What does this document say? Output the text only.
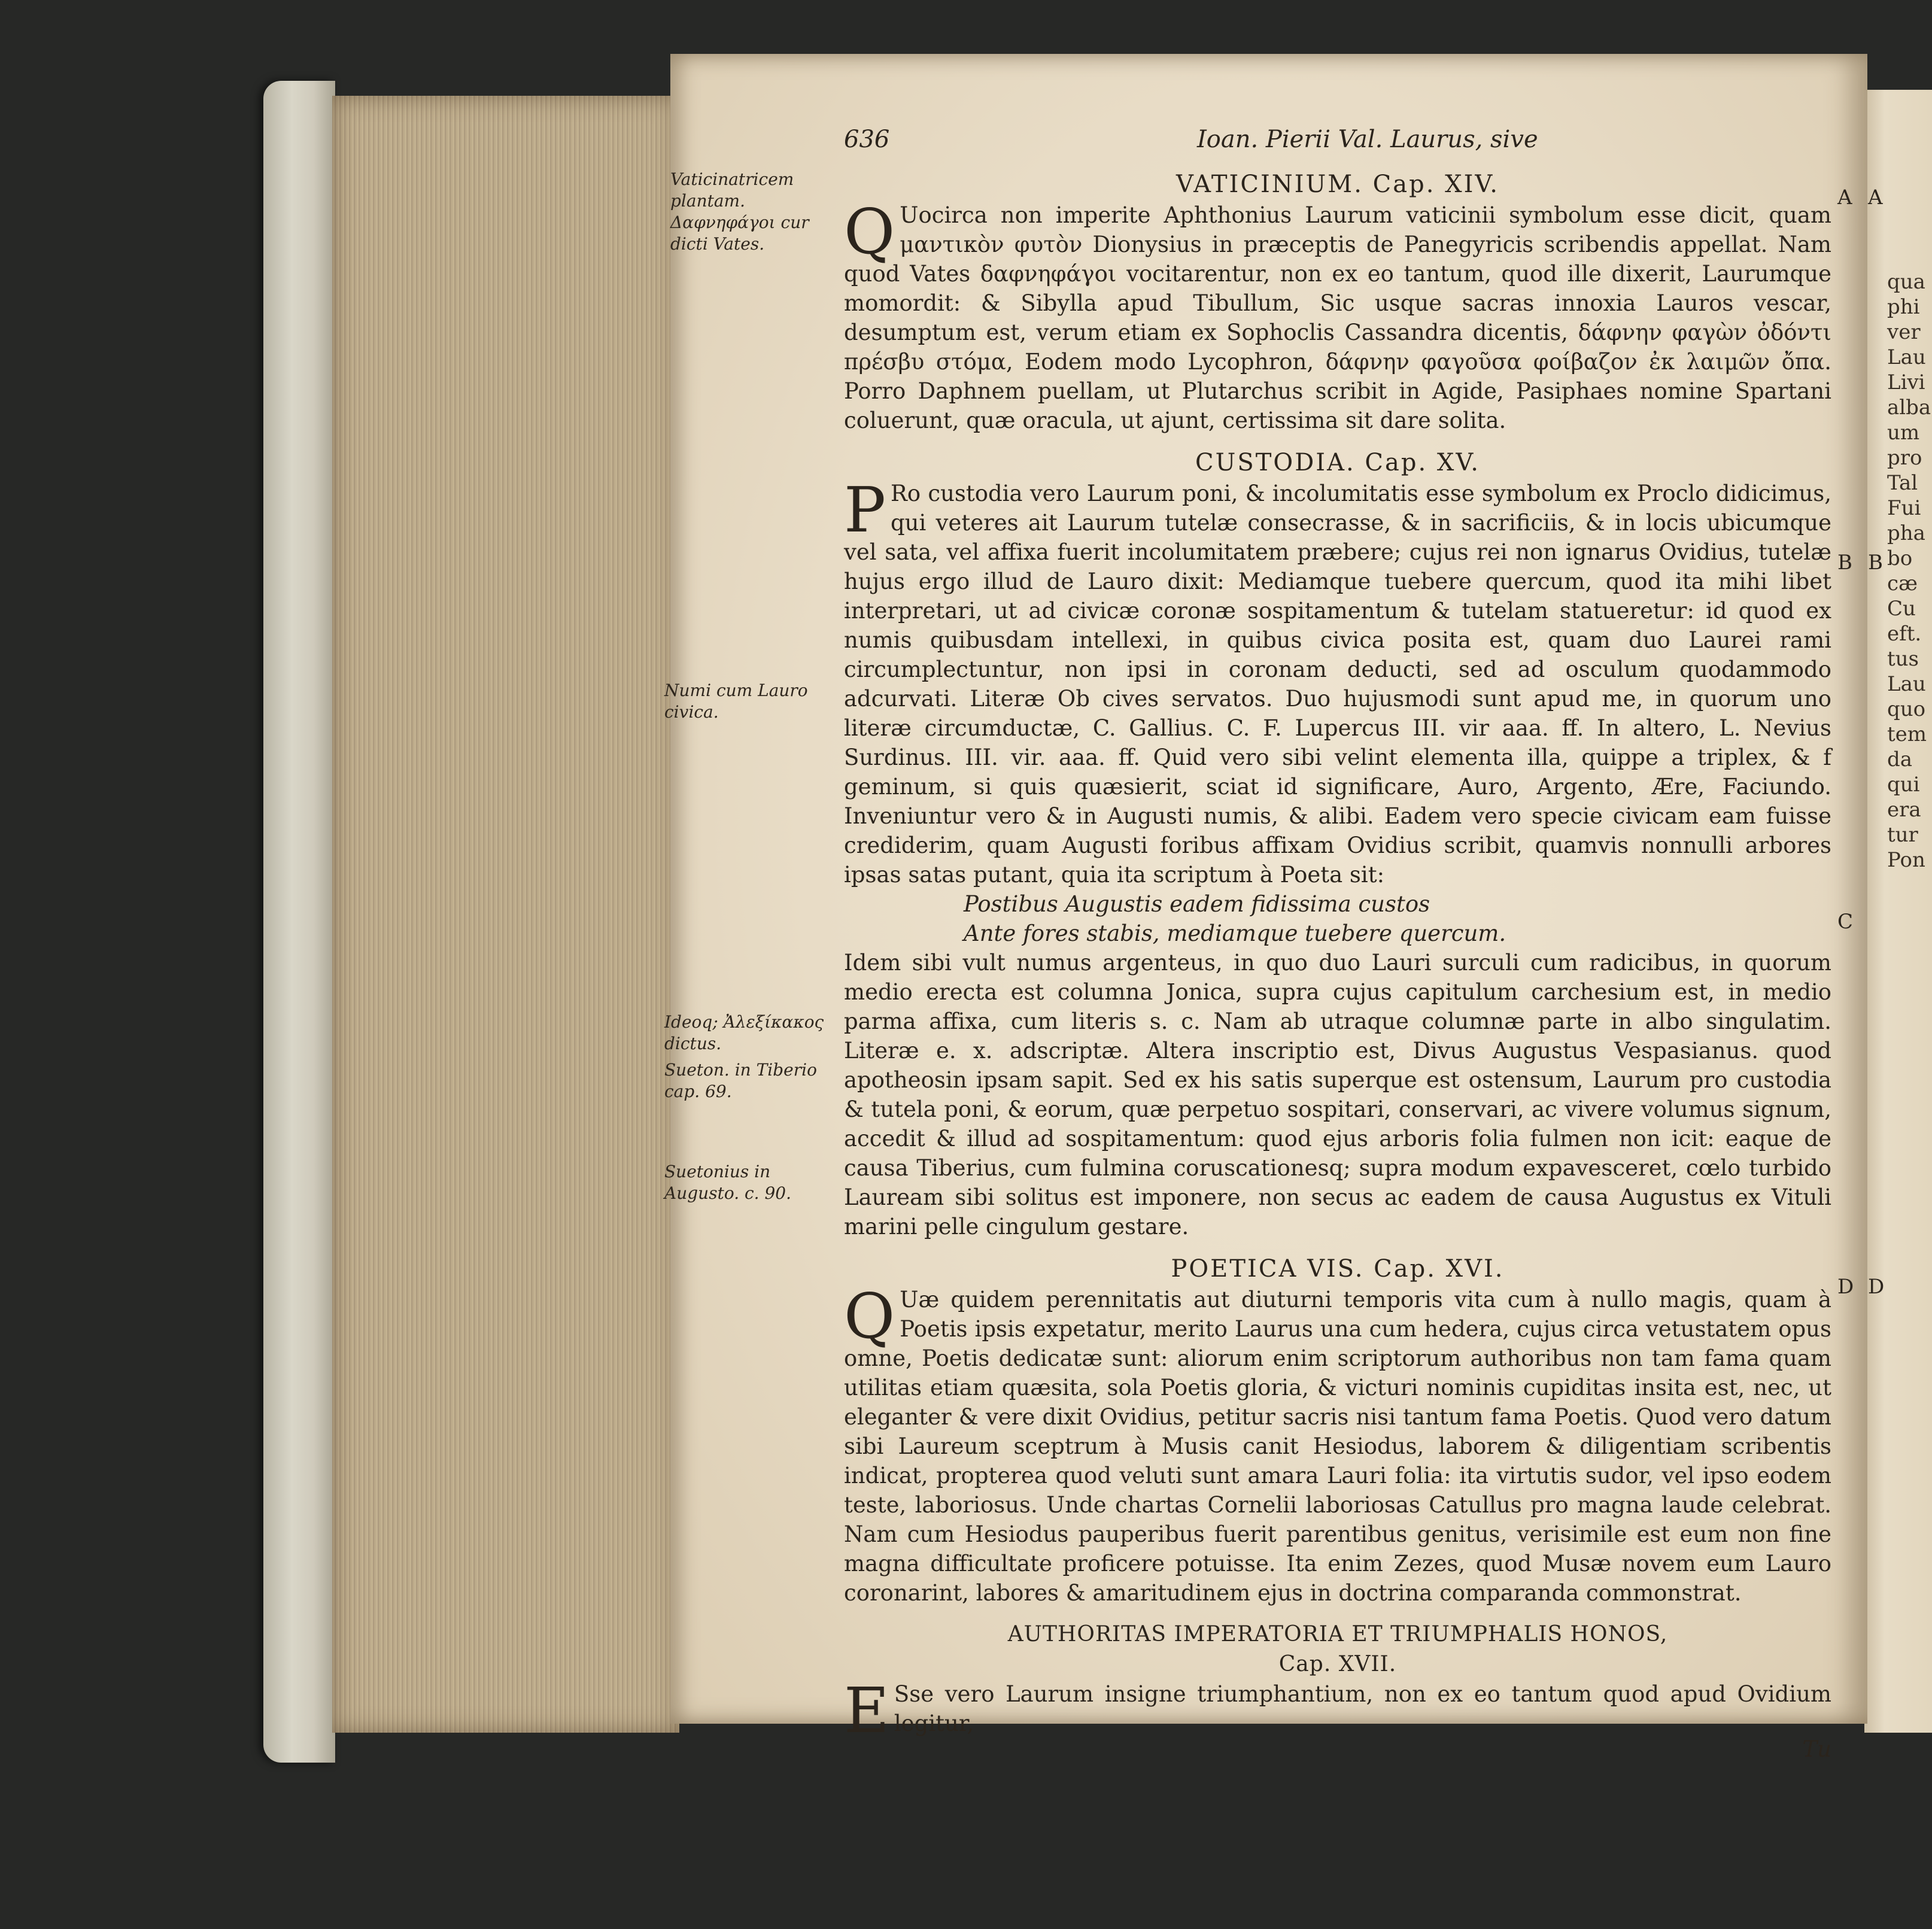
A
B
D
qua
phi
ver
Lau
Livi
alba
um
pro
Tal
Fui
pha
bo
cæ
Cu
eft.
tus
Lau
quo
tem
da
qui
era
tur
Pon
636	Ioan. Pierii Val. Laurus, sive
Vaticinatricem plantam. Δαφνηφάγοι cur dicti Vates.
Numi cum Lauro civica.
Ideoq; Ἀλεξίκακος dictus.
Sueton. in Tiberio cap. 69.
Suetonius in Augusto. c. 90.
A
B
C
D
VATICINIUM. Cap. XIV.

Q Uocirca non imperite Aphthonius Laurum vaticinii symbolum esse dicit, quam μαντικὸν φυτὸν Dionysius in præceptis de Panegyricis scribendis appellat. Nam quod Vates δαφνηφάγοι vocitarentur, non ex eo tantum, quod ille dixerit, Laurumque momordit: & Sibylla apud Tibullum, Sic usque sacras innoxia Lauros vescar, desumptum est, verum etiam ex Sophoclis Cassandra dicentis, δάφνην φαγὼν ὀδόντι πρέσβυ στόμα, Eodem modo Lycophron, δάφνην φαγοῦσα φοίβαζον ἐκ λαιμῶν ὄπα. Porro Daphnem puellam, ut Plutarchus scribit in Agide, Pasiphaes nomine Spartani coluerunt, quæ oracula, ut ajunt, certissima sit dare solita.

CUSTODIA. Cap. XV.

P Ro custodia vero Laurum poni, & incolumitatis esse symbolum ex Proclo didicimus, qui veteres ait Laurum tutelæ consecrasse, & in sacrificiis, & in locis ubicumque vel sata, vel affixa fuerit incolumitatem præbere; cujus rei non ignarus Ovidius, tutelæ hujus ergo illud de Lauro dixit: Mediamque tuebere quercum, quod ita mihi libet interpretari, ut ad civicæ coronæ sospitamentum & tutelam statueretur: id quod ex numis quibusdam intellexi, in quibus civica posita est, quam duo Laurei rami circumplectuntur, non ipsi in coronam deducti, sed ad osculum quodammodo adcurvati. Literæ Ob cives servatos. Duo hujusmodi sunt apud me, in quorum uno literæ circumductæ, C. Gallius. C. F. Lupercus III. vir aaa. ff. In altero, L. Nevius Surdinus. III. vir. aaa. ff. Quid vero sibi velint elementa illa, quippe a triplex, & f geminum, si quis quæsierit, sciat id significare, Auro, Argento, Ære, Faciundo. Inveniuntur vero & in Augusti numis, & alibi. Eadem vero specie civicam eam fuisse crediderim, quam Augusti foribus affixam Ovidius scribit, quamvis nonnulli arbores ipsas satas putant, quia ita scriptum à Poeta sit:

Postibus Augustis eadem fidissima custos

Ante fores stabis, mediamque tuebere quercum.

Idem sibi vult numus argenteus, in quo duo Lauri surculi cum radicibus, in quorum medio erecta est columna Jonica, supra cujus capitulum carchesium est, in medio parma affixa, cum literis s. c. Nam ab utraque columnæ parte in albo singulatim. Literæ e. x. adscriptæ. Altera inscriptio est, Divus Augustus Vespasianus. quod apotheosin ipsam sapit. Sed ex his satis superque est ostensum, Laurum pro custodia & tutela poni, & eorum, quæ perpetuo sospitari, conservari, ac vivere volumus signum, accedit & illud ad sospitamentum: quod ejus arboris folia fulmen non icit: eaque de causa Tiberius, cum fulmina coruscationesq; supra modum expavesceret, cœlo turbido Lauream sibi solitus est imponere, non secus ac eadem de causa Augustus ex Vituli marini pelle cingulum gestare.

POETICA VIS. Cap. XVI.

Q Uæ quidem perennitatis aut diuturni temporis vita cum à nullo magis, quam à Poetis ipsis expetatur, merito Laurus una cum hedera, cujus circa vetustatem opus omne, Poetis dedicatæ sunt: aliorum enim scriptorum authoribus non tam fama quam utilitas etiam quæsita, sola Poetis gloria, & victuri nominis cupiditas insita est, nec, ut eleganter & vere dixit Ovidius, petitur sacris nisi tantum fama Poetis. Quod vero datum sibi Laureum sceptrum à Musis canit Hesiodus, laborem & diligentiam scribentis indicat, propterea quod veluti sunt amara Lauri folia: ita virtutis sudor, vel ipso eodem teste, laboriosus. Unde chartas Cornelii laboriosas Catullus pro magna laude celebrat. Nam cum Hesiodus pauperibus fuerit parentibus genitus, verisimile est eum non fine magna difficultate proficere potuisse. Ita enim Zezes, quod Musæ novem eum Lauro coronarint, labores & amaritudinem ejus in doctrina comparanda commonstrat.

AUTHORITAS IMPERATORIA ET TRIUMPHALIS HONOS,
Cap. XVII.

E Sse vero Laurum insigne triumphantium, non ex eo tantum quod apud Ovidium legitur,

Tu
